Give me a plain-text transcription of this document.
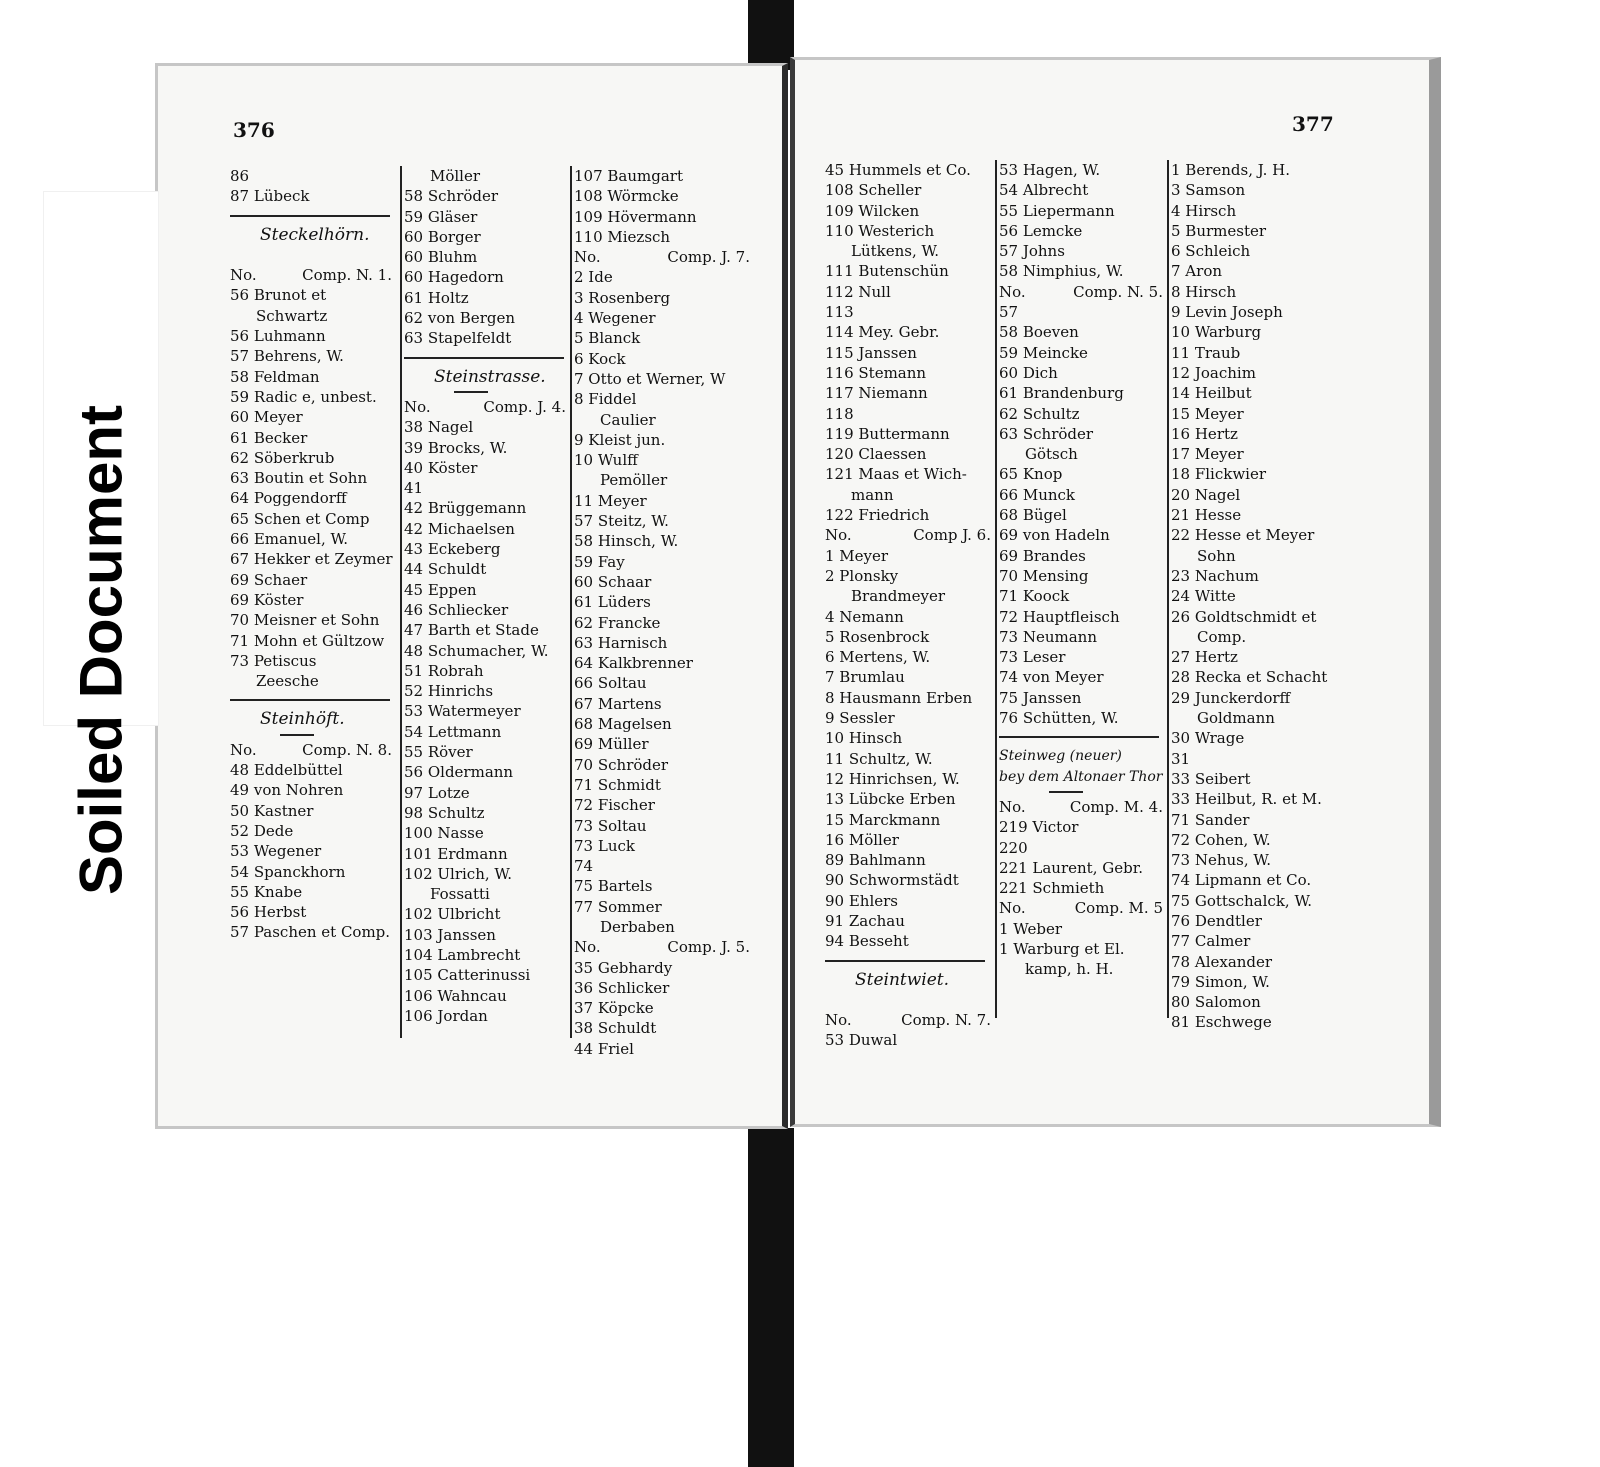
376
86
87 Lübeck
Steckelhörn.
No.	Comp. N. 1.
56 Brunot et
Schwartz
56 Luhmann
57 Behrens, W.
58 Feldman
59 Radic e, unbest.
60 Meyer
61 Becker
62 Söberkrub
63 Boutin et Sohn
64 Poggendorff
65 Schen et Comp
66 Emanuel, W.
67 Hekker et Zeymer
69 Schaer
69 Köster
70 Meisner et Sohn
71 Mohn et Gültzow
73 Petiscus
Zeesche
Steinhöft.
No.	Comp. N. 8.
48 Eddelbüttel
49 von Nohren
50 Kastner
52 Dede
53 Wegener
54 Spanckhorn
55 Knabe
56 Herbst
57 Paschen et Comp.
Möller
58 Schröder
59 Gläser
60 Borger
60 Bluhm
60 Hagedorn
61 Holtz
62 von Bergen
63 Stapelfeldt
Steinstrasse.
No.	Comp. J. 4.
38 Nagel
39 Brocks, W.
40 Köster
41
42 Brüggemann
42 Michaelsen
43 Eckeberg
44 Schuldt
45 Eppen
46 Schliecker
47 Barth et Stade
48 Schumacher, W.
51 Robrah
52 Hinrichs
53 Watermeyer
54 Lettmann
55 Röver
56 Oldermann
97 Lotze
98 Schultz
100 Nasse
101 Erdmann
102 Ulrich, W.
Fossatti
102 Ulbricht
103 Janssen
104 Lambrecht
105 Catterinussi
106 Wahncau
106 Jordan
107 Baumgart
108 Wörmcke
109 Hövermann
110 Miezsch
No.	Comp. J. 7.
2 Ide
3 Rosenberg
4 Wegener
5 Blanck
6 Kock
7 Otto et Werner, W
8 Fiddel
Caulier
9 Kleist jun.
10 Wulff
Pemöller
11 Meyer
57 Steitz, W.
58 Hinsch, W.
59 Fay
60 Schaar
61 Lüders
62 Francke
63 Harnisch
64 Kalkbrenner
66 Soltau
67 Martens
68 Magelsen
69 Müller
70 Schröder
71 Schmidt
72 Fischer
73 Soltau
73 Luck
74
75 Bartels
77 Sommer
Derbaben
No.	Comp. J. 5.
35 Gebhardy
36 Schlicker
37 Köpcke
38 Schuldt
44 Friel
377
45 Hummels et Co.
108 Scheller
109 Wilcken
110 Westerich
Lütkens, W.
111 Butenschün
112 Null
113
114 Mey. Gebr.
115 Janssen
116 Stemann
117 Niemann
118
119 Buttermann
120 Claessen
121 Maas et Wich-
mann
122 Friedrich
No.	Comp J. 6.
1 Meyer
2 Plonsky
Brandmeyer
4 Nemann
5 Rosenbrock
6 Mertens, W.
7 Brumlau
8 Hausmann Erben
9 Sessler
10 Hinsch
11 Schultz, W.
12 Hinrichsen, W.
13 Lübcke Erben
15 Marckmann
16 Möller
89 Bahlmann
90 Schwormstädt
90 Ehlers
91 Zachau
94 Besseht
Steintwiet.
No.	Comp. N. 7.
53 Duwal
53 Hagen, W.
54 Albrecht
55 Liepermann
56 Lemcke
57 Johns
58 Nimphius, W.
No.	Comp. N. 5.
57
58 Boeven
59 Meincke
60 Dich
61 Brandenburg
62 Schultz
63 Schröder
Götsch
65 Knop
66 Munck
68 Bügel
69 von Hadeln
69 Brandes
70 Mensing
71 Koock
72 Hauptfleisch
73 Neumann
73 Leser
74 von Meyer
75 Janssen
76 Schütten, W.
Steinweg (neuer)
bey dem Altonaer Thor
No.	Comp. M. 4.
219 Victor
220
221 Laurent, Gebr.
221 Schmieth
No.	Comp. M. 5
1 Weber
1 Warburg et El.
kamp, h. H.
1 Berends, J. H.
3 Samson
4 Hirsch
5 Burmester
6 Schleich
7 Aron
8 Hirsch
9 Levin Joseph
10 Warburg
11 Traub
12 Joachim
14 Heilbut
15 Meyer
16 Hertz
17 Meyer
18 Flickwier
20 Nagel
21 Hesse
22 Hesse et Meyer
Sohn
23 Nachum
24 Witte
26 Goldtschmidt et
Comp.
27 Hertz
28 Recka et Schacht
29 Junckerdorff
Goldmann
30 Wrage
31
33 Seibert
33 Heilbut, R. et M.
71 Sander
72 Cohen, W.
73 Nehus, W.
74 Lipmann et Co.
75 Gottschalck, W.
76 Dendtler
77 Calmer
78 Alexander
79 Simon, W.
80 Salomon
81 Eschwege
Soiled Document
